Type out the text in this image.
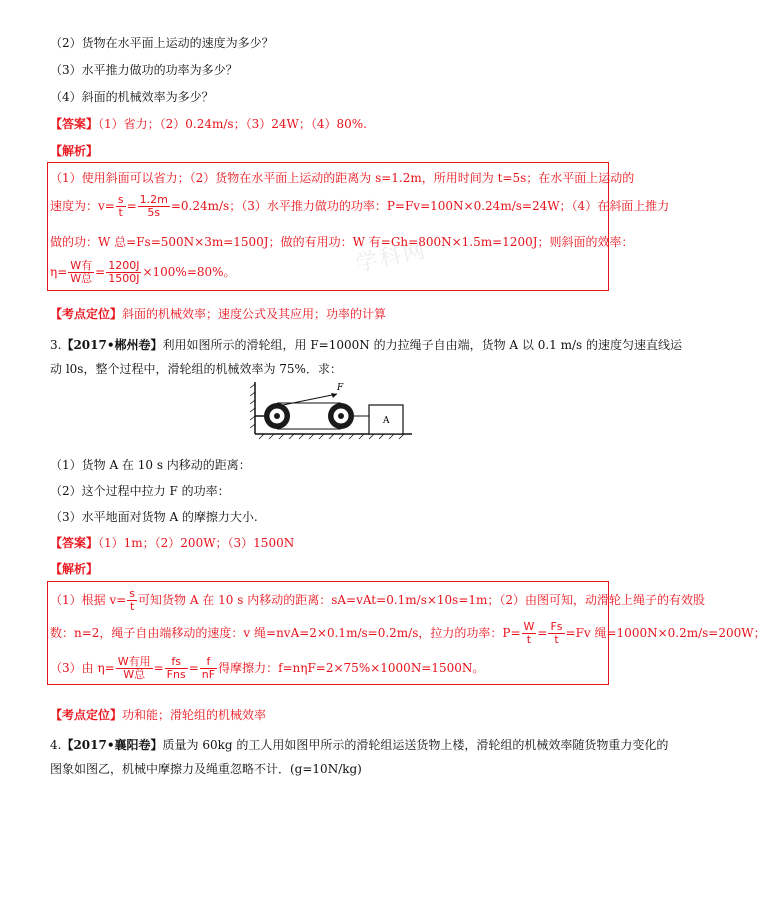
（2）货物在水平面上运动的速度为多少？
（3）水平推力做功的功率为多少？
（4）斜面的机械效率为多少？
【答案】（1）省力；（2）0.24m/s；（3）24W；（4）80%.
【解析】
学科网
（1）使用斜面可以省力；（2）货物在水平面上运动的距离为 s=1.2m，所用时间为 t=5s；在水平面上运动的
速度为：$v= \frac{s}{t} = \frac{1.2m}{5s} =0.24m/s$；（3）水平推力做功的功率：P=Fv=100N×0.24m/s=24W；（4）在斜面上推力
做的功：W 总=Fs=500N×3m=1500J；做的有用功：W 有=Gh=800N×1.5m=1200J；则斜面的效率：
$\eta= \frac{\text{W有}}{\text{W总}} = \frac{1200J}{1500J} \times 100\%=80\%$。
【考点定位】斜面的机械效率；速度公式及其应用；功率的计算
3.【2017•郴州卷】利用如图所示的滑轮组，用 F=1000N 的力拉绳子自由端，货物 A 以 0.1 m/s 的速度匀速直线运
动 l0s，整个过程中，滑轮组的机械效率为 75%．求：
F
A
（1）货物 A 在 10 s 内移动的距离：
（2）这个过程中拉力 F 的功率：
（3）水平地面对货物 A 的摩擦力大小.
【答案】（1）1m；（2）200W；（3）1500N
【解析】
（1）根据 $v= \frac{s}{t}$ 可知货物 A 在 10 s 内移动的距离：sA=vAt=0.1m/s×10s=1m；（2）由图可知，动滑轮上绳子的有效股
数：n=2，绳子自由端移动的速度：v 绳=nvA=2×0.1m/s=0.2m/s，拉力的功率：$P= \frac{W}{t} = \frac{Fs}{t} =Fv$ 绳=1000N×0.2m/s=200W；
（3）由 $\eta= \frac{\text{W有用}}{\text{W总}} = \frac{fs}{\text{Fns}} = \frac{f}{nF}$ 得摩擦力：f=nηF=2×75%×1000N=1500N。
【考点定位】功和能；滑轮组的机械效率
4.【2017•襄阳卷】质量为 60kg 的工人用如图甲所示的滑轮组运送货物上楼，滑轮组的机械效率随货物重力变化的
图象如图乙，机械中摩擦力及绳重忽略不计．(g=10N/kg)
